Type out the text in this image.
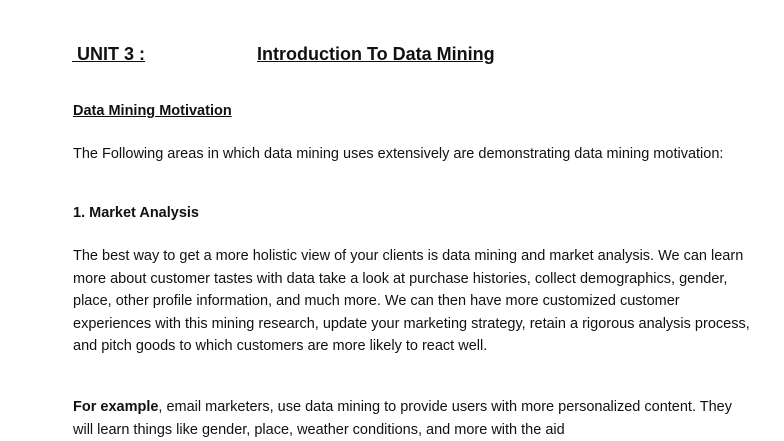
UNIT 3 :	Introduction To Data Mining
Data Mining Motivation

The Following areas in which data mining uses extensively are demonstrating data mining motivation:

1. Market Analysis

The best way to get a more holistic view of your clients is data mining and market analysis. We can learn more about customer tastes with data take a look at purchase histories, collect demographics, gender, place, other profile information, and much more. We can then have more customized customer experiences with this mining research, update your marketing strategy, retain a rigorous analysis process, and pitch goods to which customers are more likely to react well.

For example, email marketers, use data mining to provide users with more personalized content. They will learn things like gender, place, weather conditions, and more with the aid
